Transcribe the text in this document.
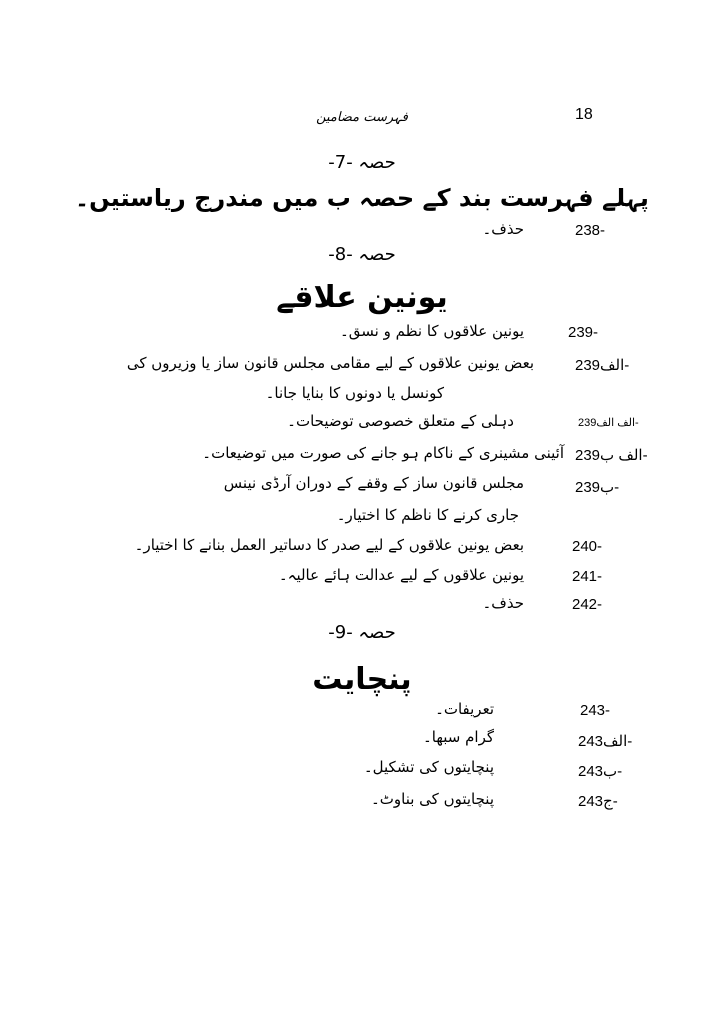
18
فہرست مضامین
حصہ -7-
پہلے فہرست بند کے حصہ ب میں مندرج ریاستیں۔
238-
حذف۔
حصہ -8-
یونین علاقے
239-
یونین علاقوں کا نظم و نسق۔
239الف-
بعض یونین علاقوں کے لیے مقامی مجلس قانون ساز یا وزیروں کی
کونسل یا دونوں کا بنایا جانا۔
239الف الف-
دہلی کے متعلق خصوصی توضیحات۔
239الف ب-
آئینی مشینری کے ناکام ہو جانے کی صورت میں توضیعات۔
239ب-
مجلس قانون ساز کے وقفے کے دوران آرڈی نینس
جاری کرنے کا ناظم کا اختیار۔
240-
بعض یونین علاقوں کے لیے صدر کا دساتیر العمل بنانے کا اختیار۔
241-
یونین علاقوں کے لیے عدالت ہائے عالیہ۔
242-
حذف۔
حصہ -9-
پنچایت
243-
تعریفات۔
243الف-
گرام سبھا۔
243ب-
پنچایتوں کی تشکیل۔
243ج-
پنچایتوں کی بناوٹ۔
